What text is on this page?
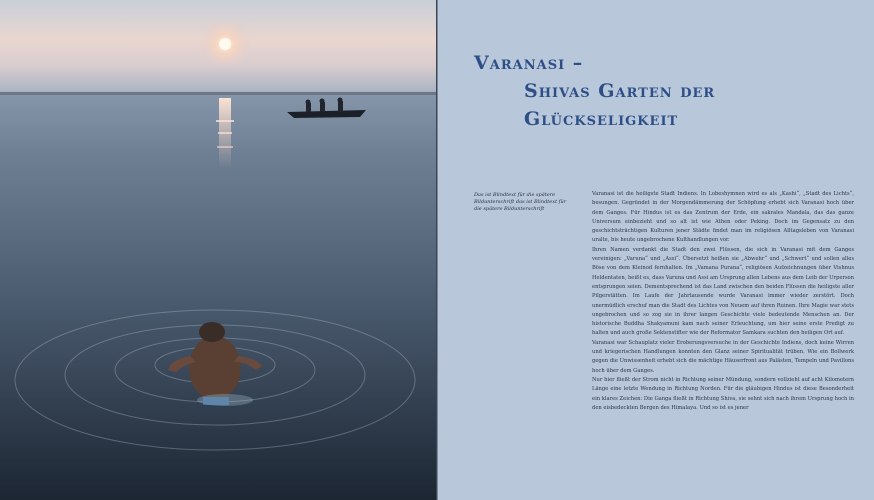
Varanasi –
Shivas Garten der Glückseligkeit
Das ist Blindtext für die spätere Bildunterschrift das ist Blindtext für die spätere Bildunterschrift

Varanasi ist die heiligste Stadt Indiens. In Lobeshymnen wird es als „Kashi“, „Stadt des Lichts“, besungen. Gegründet in der Morgendämmerung der Schöpfung erhebt sich Varanasi hoch über dem Ganges. Für Hindus ist es das Zentrum der Erde, ein sakrales Mandala, das das ganze Universum einbezieht und so alt ist wie Athen oder Peking. Doch im Gegensatz zu den geschichtsträchtigen Kulturen jener Städte findet man im religiösen Alltagsleben von Varanasi uralte, bis heute ungebrochene Kulthandlungen vor.

Ihren Namen verdankt die Stadt den zwei Flüssen, die sich in Varanasi mit dem Ganges vereinigen: „Varuna“ und „Assi“. Übersetzt heißen sie „Abwehr“ und „Schwert“ und sollen alles Böse von dem Kleinod fernhalten. Im „Vamana Purana“, religiösen Aufzeichnungen über Vishnus Heldentaten, heißt es, dass Varuna und Assi am Ursprung allen Lebens aus dem Leib der Urperson entsprungen seien. Dementsprechend ist das Land zwischen den beiden Flüssen die heiligste aller Pilgerstätten. Im Laufe der Jahrtausende wurde Varanasi immer wieder zerstört. Doch unermüdlich erschuf man die Stadt des Lichtes von Neuem auf ihren Ruinen. Ihre Magie war stets ungebrochen und so zog sie in ihrer langen Geschichte viele bedeutende Menschen an. Der historische Buddha Shakyamuni kam nach seiner Erleuchtung, um hier seine erste Predigt zu halten und auch große Sektenstifter wie der Reformator Samkara suchten den heiligen Ort auf.

Varanasi war Schauplatz vieler Eroberungsversuche in der Geschichte Indiens, doch keine Wirren und kriegerischen Handlungen konnten den Glanz seiner Spiritualität trüben. Wie ein Bollwerk gegen die Unwissenheit erhebt sich die mächtige Häuserfront aus Palästen, Tempeln und Pavillons hoch über dem Ganges.

Nur hier fließt der Strom nicht in Richtung seiner Mündung, sondern vollzieht auf acht Kilometern Länge eine letzte Wendung in Richtung Norden. Für die gläubigen Hindus ist diese Besonderheit ein klares Zeichen: Die Ganga fließt in Richtung Shiva, sie sehnt sich nach ihrem Ursprung hoch in den eisbedeckten Bergen des Himalaya. Und so ist es jener
